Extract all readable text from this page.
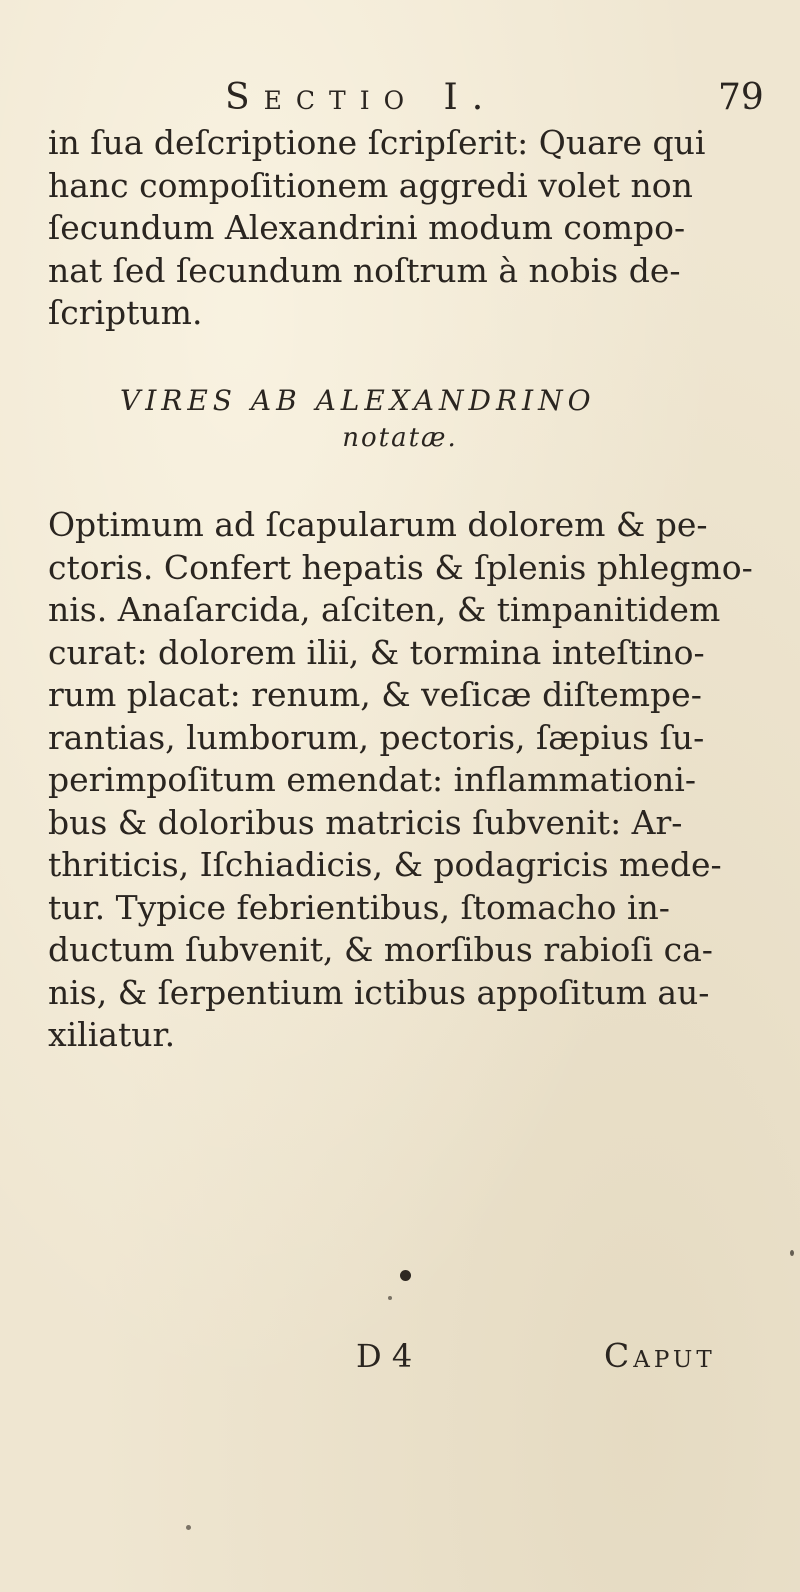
Sectio I.	79
in ſua deſcriptione ſcripſerit: Quare qui
hanc compoſitionem aggredi volet non
ſecundum Alexandrini modum compo-
nat ſed ſecundum noſtrum à nobis de-
ſcriptum.
VIRES AB ALEXANDRINO
notatæ.
Optimum ad ſcapularum dolorem & pe-
ctoris. Confert hepatis & ſplenis phlegmo-
nis. Anaſarcida, aſciten, & timpanitidem
curat: dolorem ilii, & tormina inteſtino-
rum placat: renum, & veſicæ diſtempe-
rantias, lumborum, pectoris, ſæpius ſu-
perimpoſitum emendat: inflammationi-
bus & doloribus matricis ſubvenit: Ar-
thriticis, Iſchiadicis, & podagricis mede-
tur. Typice febrientibus, ſtomacho in-
ductum ſubvenit, & morſibus rabioſi ca-
nis, & ſerpentium ictibus appoſitum au-
xiliatur.
D 4	Caput
